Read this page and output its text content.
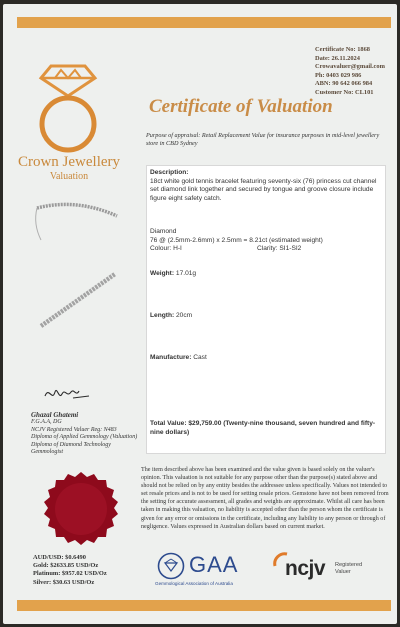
Certificate No: 1868
Date: 26.11.2024
Crowavaluer@gmail.com
Ph: 0403 029 986
ABN: 90 642 066 984
Customer No: CL101
Crown Jewellery
Valuation
Certificate of Valuation
Purpose of appraisal: Retail Replacement Value for insurance purposes in mid-level jewellery store in CBD Sydney
Description:
18ct white gold tennis bracelet featuring seventy-six (76) princess cut channel set diamond link together and secured by tongue and groove closure include figure eight safety catch.
Diamond
76 @ (2.5mm-2.6mm) x 2.5mm = 8.21ct (estimated weight)
Colour: H-I	Clarity: SI1-SI2
Weight: 17.01g
Length: 20cm
Manufacture: Cast
Total Value: $29,759.00 (Twenty-nine thousand, seven hundred and fifty-nine dollars)
Ghazal Ghatemi
F.G.A.A, DG
NCJV Registered Valuer Reg: N483
Diploma of Applied Gemmology (Valuation)
Diploma of Diamond Technology
Gemmologist
AUD/USD: $0.6490
Gold: $2633.85 USD/Oz
Platinum: $957.02 USD/Oz
Silver: $30.63 USD/Oz
The item described above has been examined and the value given is based solely on the valuer's opinion. This valuation is not suitable for any purpose other than the purpose(s) stated above and should not be relied on by any entity besides the addressee unless specifically. Values not intended to set resale prices and is not to be used for setting resale prices. Gemstone have not been removed from the setting for accurate assessment, all grades and weights are approximate. Whilst all care has been taken in making this valuation, no liability is accepted other than the person whom the certificate is given for any error or omissions in the certificate, including any liability to any person or through of negligence. Values expressed in Australian dollars based on current market.
GAA
Gemmological Association of Australia
ncjv Registered
Valuer
